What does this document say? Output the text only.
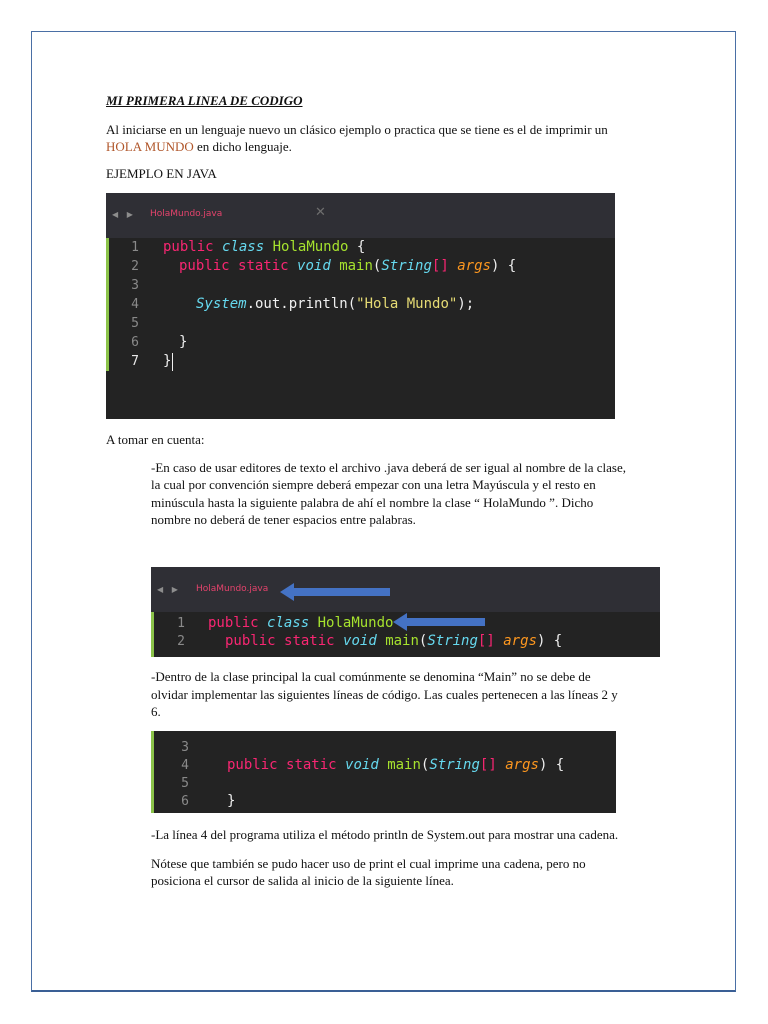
MI PRIMERA LINEA DE CODIGO

Al iniciarse en un lenguaje nuevo un clásico ejemplo o practica que se tiene es el de imprimir un

HOLA MUNDO en dicho lenguaje.

EJEMPLO EN JAVA

◀ ▶ HolaMundo.java	✕
1
2
3
4
5
6
7
public class HolaMundo {
public static void main(String[] args) {
System.out.println("Hola Mundo");
}
}

A tomar en cuenta:

-En caso de usar editores de texto el archivo .java deberá de ser igual al nombre de la clase,

la cual por convención siempre deberá empezar con una letra Mayúscula y el resto en

minúscula hasta la siguiente palabra de ahí el nombre la clase “ HolaMundo ”. Dicho

nombre no deberá de tener espacios entre palabras.

◀ ▶ HolaMundo.java
1
2
public class HolaMundo
public static void main(String[] args) {

-Dentro de la clase principal la cual comúnmente se denomina “Main” no se debe de

olvidar implementar las siguientes líneas de código. Las cuales pertenecen a las líneas 2 y

6.

3
4
5
6
public static void main(String[] args) {
}

-La línea 4 del programa utiliza el método println de System.out para mostrar una cadena.

Nótese que también se pudo hacer uso de print el cual imprime una cadena, pero no

posiciona el cursor de salida al inicio de la siguiente línea.
